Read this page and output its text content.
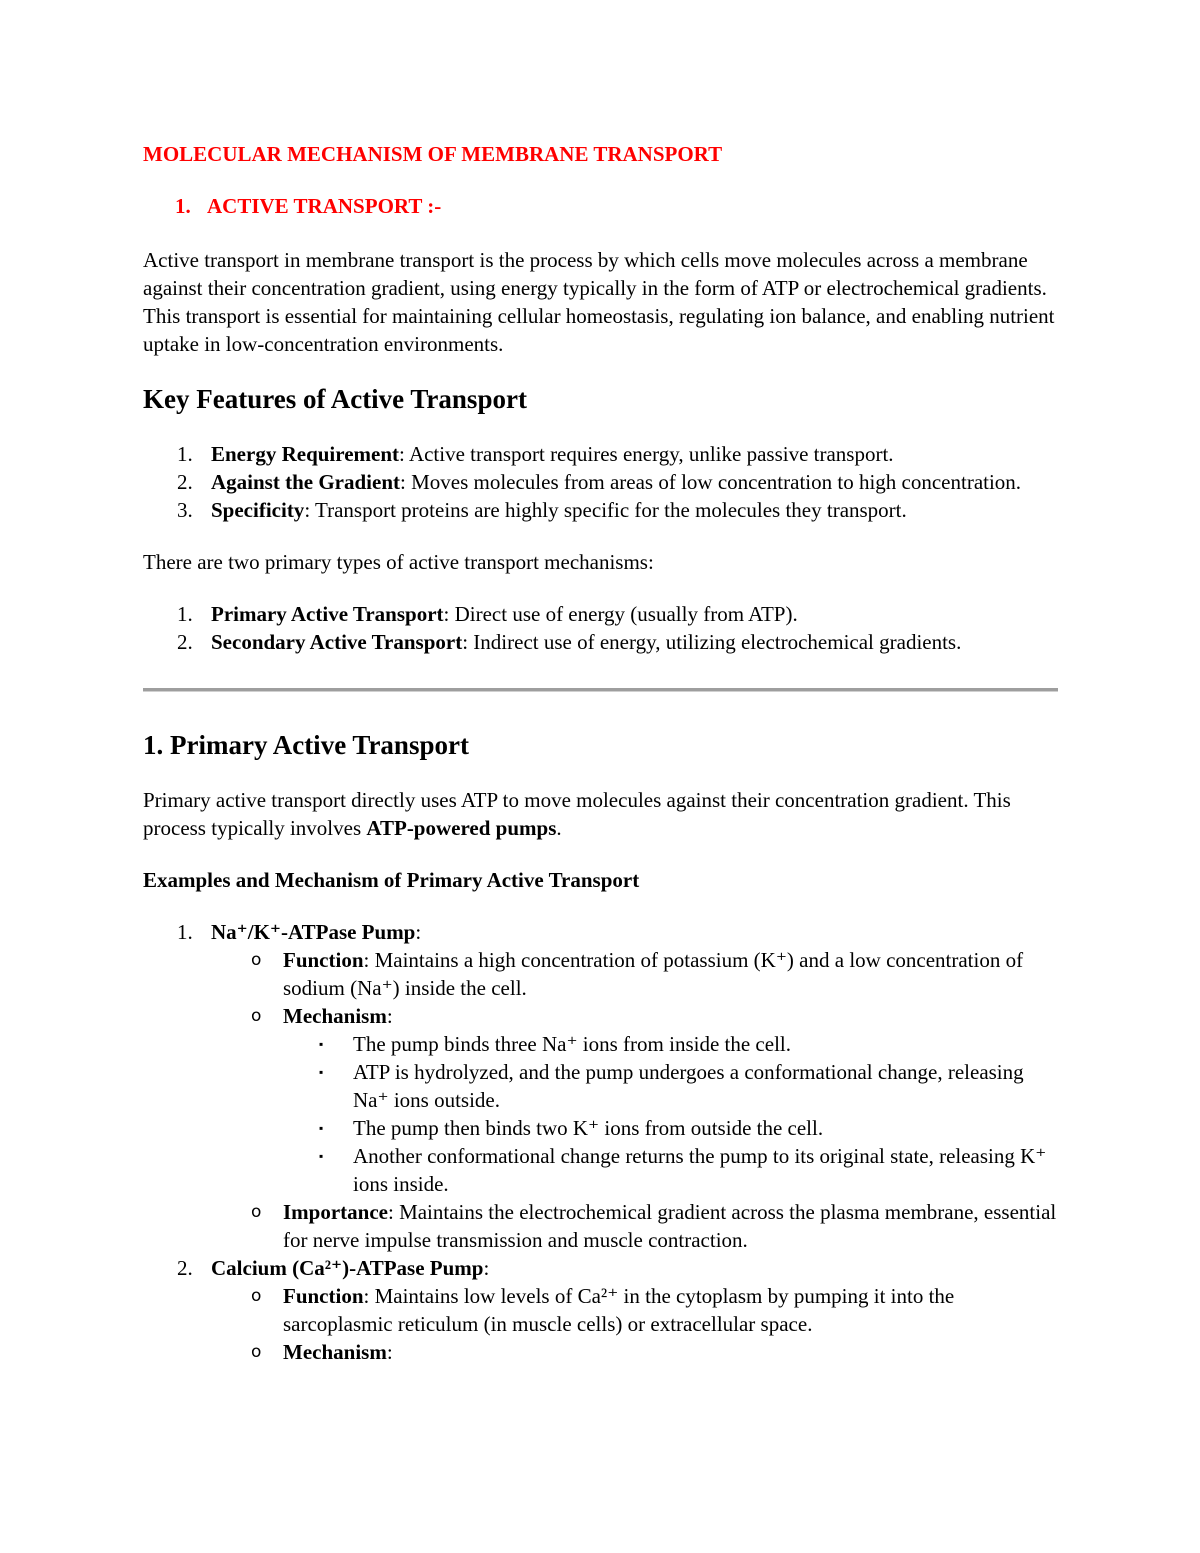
MOLECULAR MECHANISM OF MEMBRANE TRANSPORT
1. ACTIVE TRANSPORT :-

Active transport in membrane transport is the process by which cells move molecules across a membrane against their concentration gradient, using energy typically in the form of ATP or electrochemical gradients. This transport is essential for maintaining cellular homeostasis, regulating ion balance, and enabling nutrient uptake in low-concentration environments.

Key Features of Active Transport
1. Energy Requirement: Active transport requires energy, unlike passive transport.
2. Against the Gradient: Moves molecules from areas of low concentration to high concentration.
3. Specificity: Transport proteins are highly specific for the molecules they transport.

There are two primary types of active transport mechanisms:

1. Primary Active Transport: Direct use of energy (usually from ATP).
2. Secondary Active Transport: Indirect use of energy, utilizing electrochemical gradients.
1. Primary Active Transport

Primary active transport directly uses ATP to move molecules against their concentration gradient. This process typically involves ATP-powered pumps.

Examples and Mechanism of Primary Active Transport
1. Na⁺/K⁺-ATPase Pump:
o	Function: Maintains a high concentration of potassium (K⁺) and a low concentration of sodium (Na⁺) inside the cell.
o	Mechanism:
▪	The pump binds three Na⁺ ions from inside the cell.
▪	ATP is hydrolyzed, and the pump undergoes a conformational change, releasing Na⁺ ions outside.
▪	The pump then binds two K⁺ ions from outside the cell.
▪	Another conformational change returns the pump to its original state, releasing K⁺ ions inside.
o	Importance: Maintains the electrochemical gradient across the plasma membrane, essential for nerve impulse transmission and muscle contraction.
2. Calcium (Ca²⁺)-ATPase Pump:
o	Function: Maintains low levels of Ca²⁺ in the cytoplasm by pumping it into the sarcoplasmic reticulum (in muscle cells) or extracellular space.
o	Mechanism:
